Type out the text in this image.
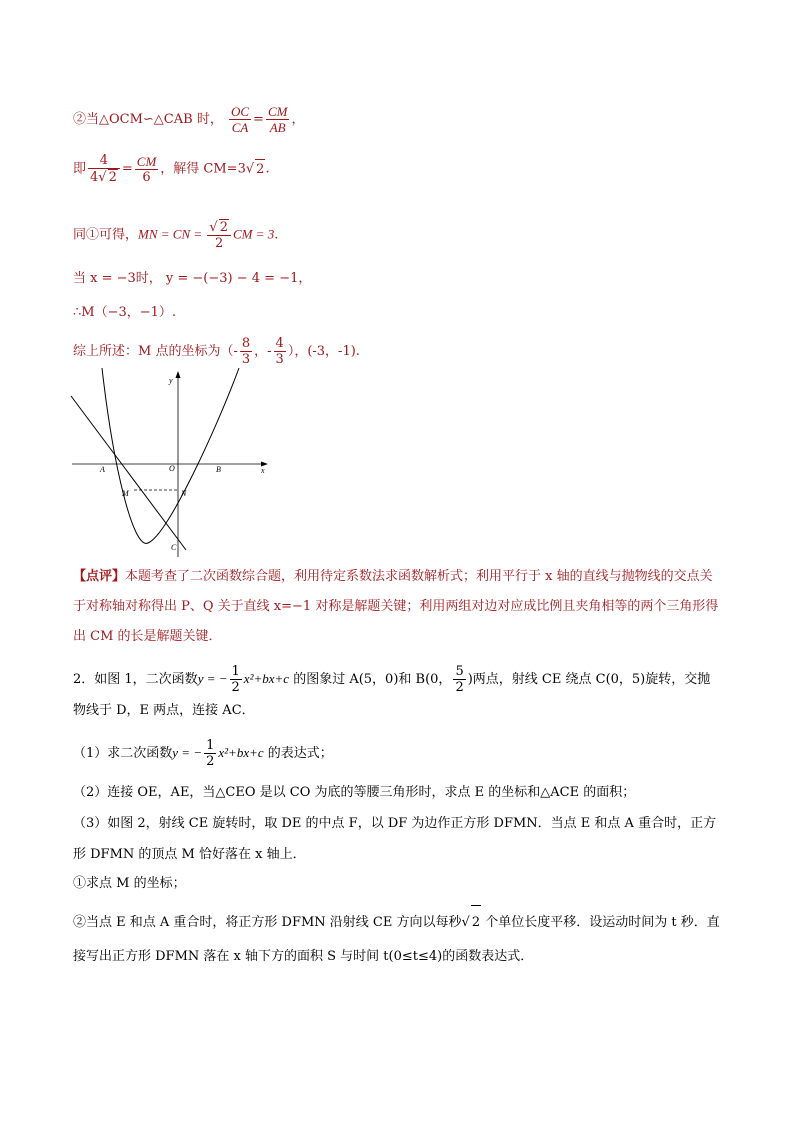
②当△OCM∽△CAB 时， $\frac{OC}{CA} = \frac{CM}{AB}$ ，
即 $\frac{4}{4√ 2} = \frac{CM}{6}$ ，解得 CM=3√ 2.
同①可得，MN = CN = $\frac{√ 2}{2}$ CM = 3.
当 x = −3时， y = −(−3) − 4 = −1，
∴M（−3，−1）.
综上所述：M 点的坐标为（- $\frac{8}{3}$ ，- $\frac{4}{3}$ ），(-3，-1).
y
x
O
A	B
M	N
C
【点评】本题考查了二次函数综合题，利用待定系数法求函数解析式；利用平行于 x 轴的直线与抛物线的交点关于对称轴对称得出 P、Q 关于直线 x=−1 对称是解题关键；利用两组对边对应成比例且夹角相等的两个三角形得出 CM 的长是解题关键．
2．如图 1，二次函数y = − $\frac{1}{2} x^2+bx+c$ 的图象过 A(5，0)和 B(0， $\frac{5}{2}$ )两点，射线 CE 绕点 C(0，5)旋转，交抛物线于 D，E 两点，连接 AC．
（1）求二次函数y = − $\frac{1}{2} x^2+bx+c$ 的表达式；
（2）连接 OE，AE，当△CEO 是以 CO 为底的等腰三角形时，求点 E 的坐标和△ACE 的面积；
（3）如图 2，射线 CE 旋转时，取 DE 的中点 F，以 DF 为边作正方形 DFMN．当点 E 和点 A 重合时，正方形 DFMN 的顶点 M 恰好落在 x 轴上．
①求点 M 的坐标；
②当点 E 和点 A 重合时，将正方形 DFMN 沿射线 CE 方向以每秒√ 2 个单位长度平移．设运动时间为 t 秒．直接写出正方形 DFMN 落在 x 轴下方的面积 S 与时间 t(0≤t≤4)的函数表达式．
